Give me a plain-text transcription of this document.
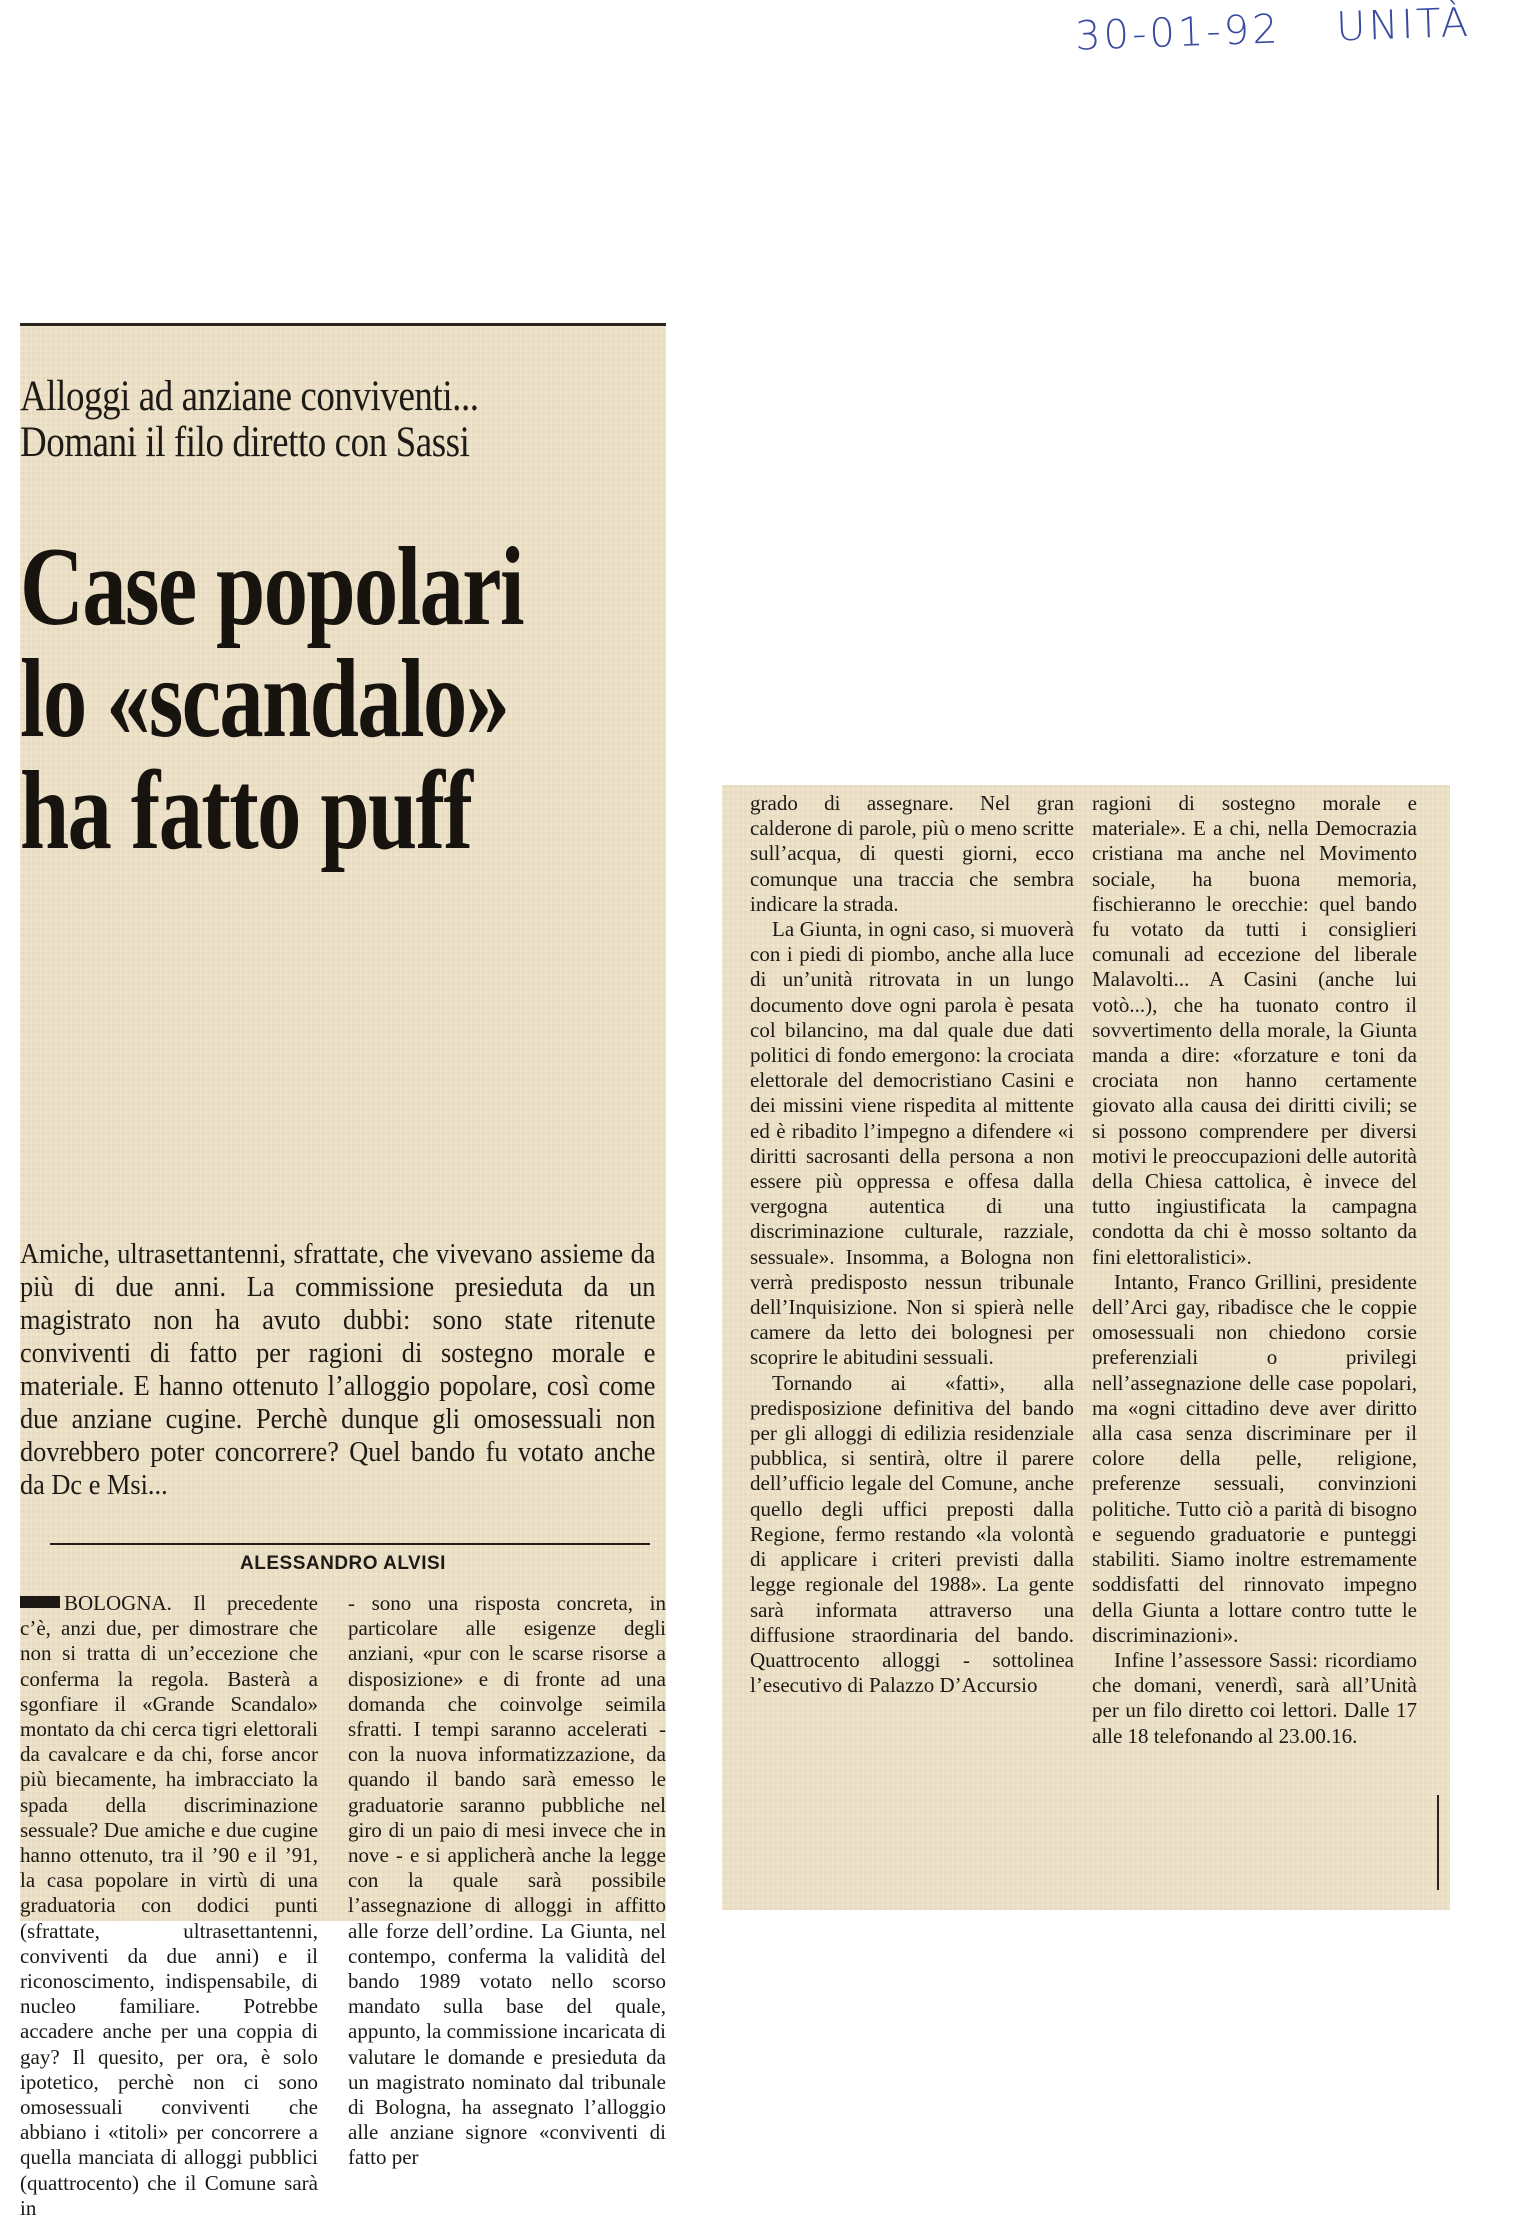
30-01-92 UNITÀ
Alloggi ad anziane conviventi...
Domani il filo diretto con Sassi
Case popolari
lo «scandalo»
ha fatto puff
Amiche, ultrasettantenni, sfrattate, che vivevano assieme da più di due anni. La commissione presieduta da un magistrato non ha avuto dubbi: sono state ritenute conviventi di fatto per ragioni di sostegno morale e materiale. E hanno ottenuto l’alloggio popolare, così come due anziane cugine. Perchè dunque gli omosessuali non dovrebbero poter concorrere? Quel bando fu votato anche da Dc e Msi...
ALESSANDRO ALVISI

BOLOGNA. Il precedente c’è, anzi due, per dimostrare che non si tratta di un’eccezione che conferma la regola. Basterà a sgonfiare il «Grande Scandalo» montato da chi cerca tigri elettorali da cavalcare e da chi, forse ancor più biecamente, ha imbracciato la spada della discriminazione sessuale? Due amiche e due cugine hanno ottenuto, tra il ’90 e il ’91, la casa popolare in virtù di una graduatoria con dodici punti (sfrattate, ultrasettantenni, conviventi da due anni) e il riconoscimento, indispensabile, di nucleo familiare. Potrebbe accadere anche per una coppia di gay? Il quesito, per ora, è solo ipotetico, perchè non ci sono omosessuali conviventi che abbiano i «titoli» per concorrere a quella manciata di alloggi pubblici (quattrocento) che il Comune sarà in

- sono una risposta concreta, in particolare alle esigenze degli anziani, «pur con le scarse risorse a disposizione» e di fronte ad una domanda che coinvolge seimila sfratti. I tempi saranno accelerati - con la nuova informatizzazione, da quando il bando sarà emesso le graduatorie saranno pubbliche nel giro di un paio di mesi invece che in nove - e si applicherà anche la legge con la quale sarà possibile l’assegnazione di alloggi in affitto alle forze dell’ordine. La Giunta, nel contempo, conferma la validità del bando 1989 votato nello scorso mandato sulla base del quale, appunto, la commissione incaricata di valutare le domande e presieduta da un magistrato nominato dal tribunale di Bologna, ha assegnato l’alloggio alle anziane signore «conviventi di fatto per

grado di assegnare. Nel gran calderone di parole, più o meno scritte sull’acqua, di questi giorni, ecco comunque una traccia che sembra indicare la strada.

La Giunta, in ogni caso, si muoverà con i piedi di piombo, anche alla luce di un’unità ritrovata in un lungo documento dove ogni parola è pesata col bilancino, ma dal quale due dati politici di fondo emergono: la crociata elettorale del democristiano Casini e dei missini viene rispedita al mittente ed è ribadito l’impegno a difendere «i diritti sacrosanti della persona a non essere più oppressa e offesa dalla vergogna autentica di una discriminazione culturale, razziale, sessuale». Insomma, a Bologna non verrà predisposto nessun tribunale dell’Inquisizione. Non si spierà nelle camere da letto dei bolognesi per scoprire le abitudini sessuali.

Tornando ai «fatti», alla predisposizione definitiva del bando per gli alloggi di edilizia residenziale pubblica, si sentirà, oltre il parere dell’ufficio legale del Comune, anche quello degli uffici preposti dalla Regione, fermo restando «la volontà di applicare i criteri previsti dalla legge regionale del 1988». La gente sarà informata attraverso una diffusione straordinaria del bando. Quattrocento alloggi - sottolinea l’esecutivo di Palazzo D’Accursio

ragioni di sostegno morale e materiale». E a chi, nella Democrazia cristiana ma anche nel Movimento sociale, ha buona memoria, fischieranno le orecchie: quel bando fu votato da tutti i consiglieri comunali ad eccezione del liberale Malavolti... A Casini (anche lui votò...), che ha tuonato contro il sovvertimento della morale, la Giunta manda a dire: «forzature e toni da crociata non hanno certamente giovato alla causa dei diritti civili; se si possono comprendere per diversi motivi le preoccupazioni delle autorità della Chiesa cattolica, è invece del tutto ingiustificata la campagna condotta da chi è mosso soltanto da fini elettoralistici».

Intanto, Franco Grillini, presidente dell’Arci gay, ribadisce che le coppie omosessuali non chiedono corsie preferenziali o privilegi nell’assegnazione delle case popolari, ma «ogni cittadino deve aver diritto alla casa senza discriminare per il colore della pelle, religione, preferenze sessuali, convinzioni politiche. Tutto ciò a parità di bisogno e seguendo graduatorie e punteggi stabiliti. Siamo inoltre estremamente soddisfatti del rinnovato impegno della Giunta a lottare contro tutte le discriminazioni».

Infine l’assessore Sassi: ricordiamo che domani, venerdì, sarà all’Unità per un filo diretto coi lettori. Dalle 17 alle 18 telefonando al 23.00.16.
